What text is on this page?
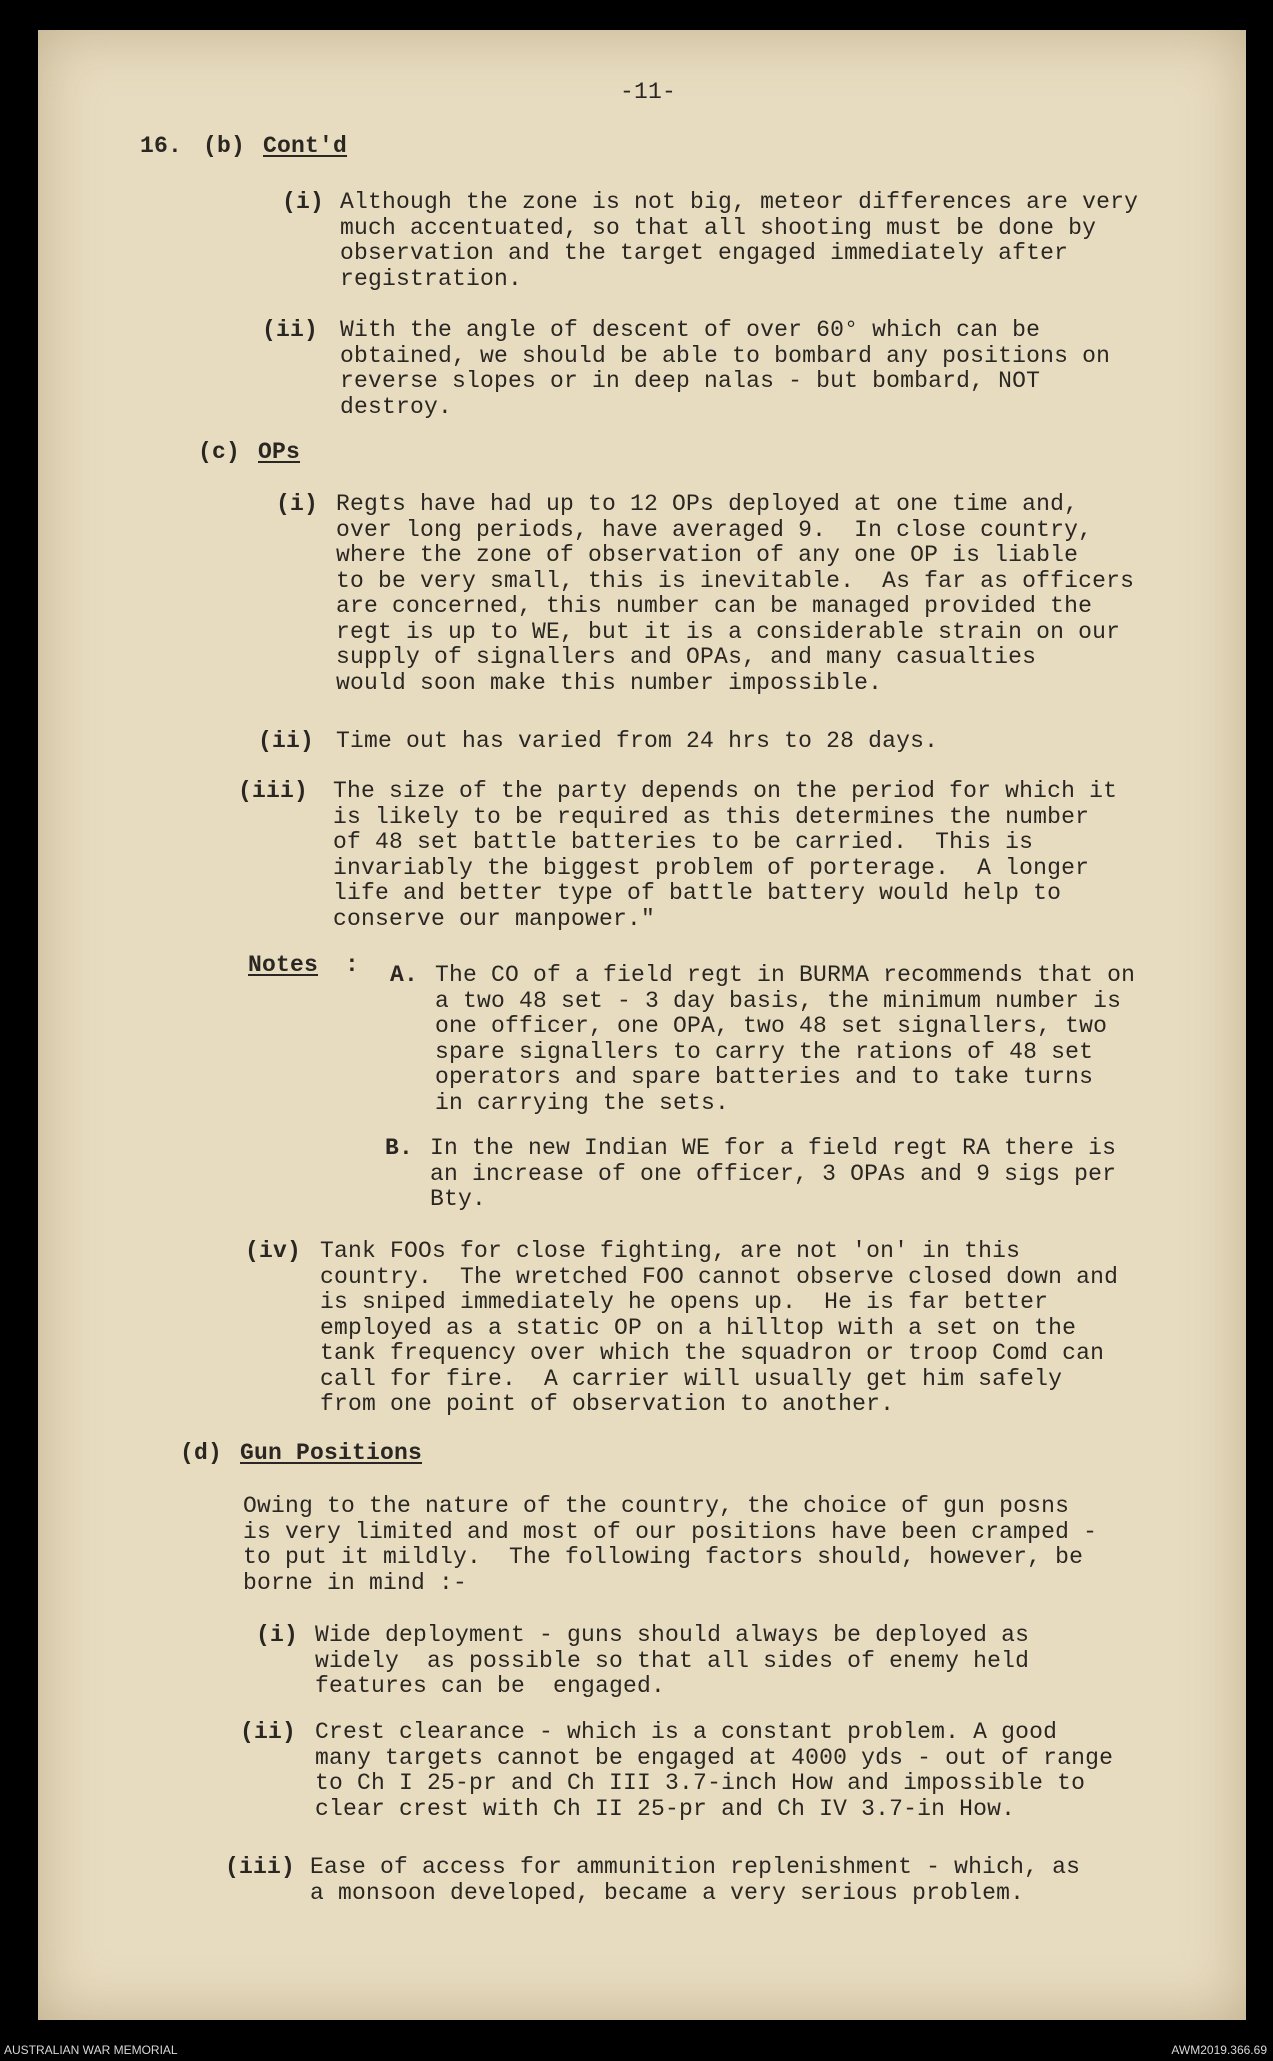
-11-
16. (b) Cont'd
(i) Although the zone is not big, meteor differences are very
much accentuated, so that all shooting must be done by
observation and the target engaged immediately after
registration.
(ii) With the angle of descent of over 60° which can be
obtained, we should be able to bombard any positions on
reverse slopes or in deep nalas - but bombard, NOT
destroy.
(c) OPs
(i) Regts have had up to 12 OPs deployed at one time and,
over long periods, have averaged 9.  In close country,
where the zone of observation of any one OP is liable
to be very small, this is inevitable.  As far as officers
are concerned, this number can be managed provided the
regt is up to WE, but it is a considerable strain on our
supply of signallers and OPAs, and many casualties
would soon make this number impossible.
(ii) Time out has varied from 24 hrs to 28 days.
(iii) The size of the party depends on the period for which it
is likely to be required as this determines the number
of 48 set battle batteries to be carried.  This is
invariably the biggest problem of porterage.  A longer
life and better type of battle battery would help to
conserve our manpower."
Notes : A. The CO of a field regt in BURMA recommends that on
a two 48 set - 3 day basis, the minimum number is
one officer, one OPA, two 48 set signallers, two
spare signallers to carry the rations of 48 set
operators and spare batteries and to take turns
in carrying the sets.
B. In the new Indian WE for a field regt RA there is
an increase of one officer, 3 OPAs and 9 sigs per
Bty.
(iv) Tank FOOs for close fighting, are not 'on' in this
country.  The wretched FOO cannot observe closed down and
is sniped immediately he opens up.  He is far better
employed as a static OP on a hilltop with a set on the
tank frequency over which the squadron or troop Comd can
call for fire.  A carrier will usually get him safely
from one point of observation to another.
(d) Gun Positions
Owing to the nature of the country, the choice of gun posns
is very limited and most of our positions have been cramped -
to put it mildly.  The following factors should, however, be
borne in mind :-
(i) Wide deployment - guns should always be deployed as
widely  as possible so that all sides of enemy held
features can be  engaged.
(ii) Crest clearance - which is a constant problem. A good
many targets cannot be engaged at 4000 yds - out of range
to Ch I 25-pr and Ch III 3.7-inch How and impossible to
clear crest with Ch II 25-pr and Ch IV 3.7-in How.
(iii) Ease of access for ammunition replenishment - which, as
a monsoon developed, became a very serious problem.
AUSTRALIAN WAR MEMORIAL	AWM2019.366.69
